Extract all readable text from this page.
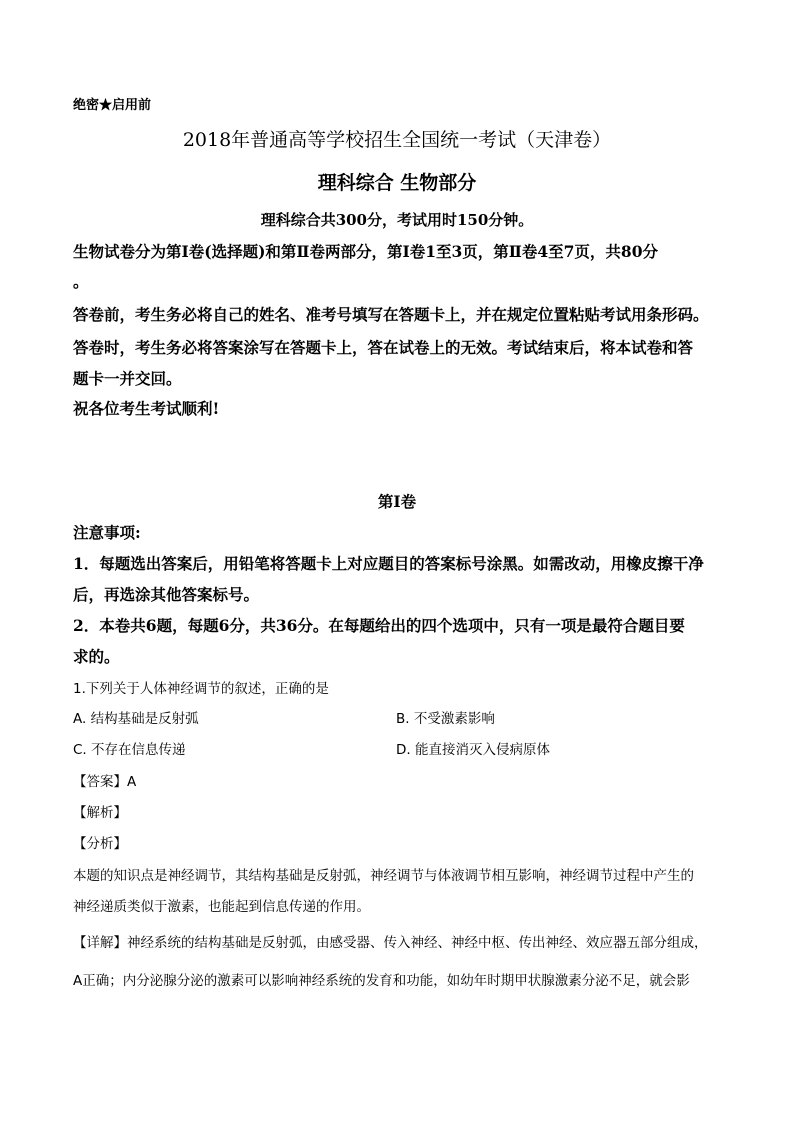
绝密★启用前
2018年普通高等学校招生全国统一考试（天津卷）
理科综合 生物部分
理科综合共300分，考试用时150分钟。
生物试卷分为第Ⅰ卷(选择题)和第Ⅱ卷两部分，第Ⅰ卷1至3页，第Ⅱ卷4至7页，共80分
。
答卷前，考生务必将自己的姓名、准考号填写在答题卡上，并在规定位置粘贴考试用条形码。
答卷时，考生务必将答案涂写在答题卡上，答在试卷上的无效。考试结束后，将本试卷和答
题卡一并交回。
祝各位考生考试顺利!
第Ⅰ卷
注意事项:
1．每题选出答案后，用铅笔将答题卡上对应题目的答案标号涂黑。如需改动，用橡皮擦干净
后，再选涂其他答案标号。
2．本卷共6题，每题6分，共36分。在每题给出的四个选项中，只有一项是最符合题目要
求的。
1.下列关于人体神经调节的叙述，正确的是
A. 结构基础是反射弧	B. 不受激素影响
C. 不存在信息传递	D. 能直接消灭入侵病原体
【答案】A
【解析】
【分析】
本题的知识点是神经调节，其结构基础是反射弧，神经调节与体液调节相互影响，神经调节过程中产生的
神经递质类似于激素，也能起到信息传递的作用。
【详解】神经系统的结构基础是反射弧，由感受器、传入神经、神经中枢、传出神经、效应器五部分组成，
A正确；内分泌腺分泌的激素可以影响神经系统的发育和功能，如幼年时期甲状腺激素分泌不足，就会影
